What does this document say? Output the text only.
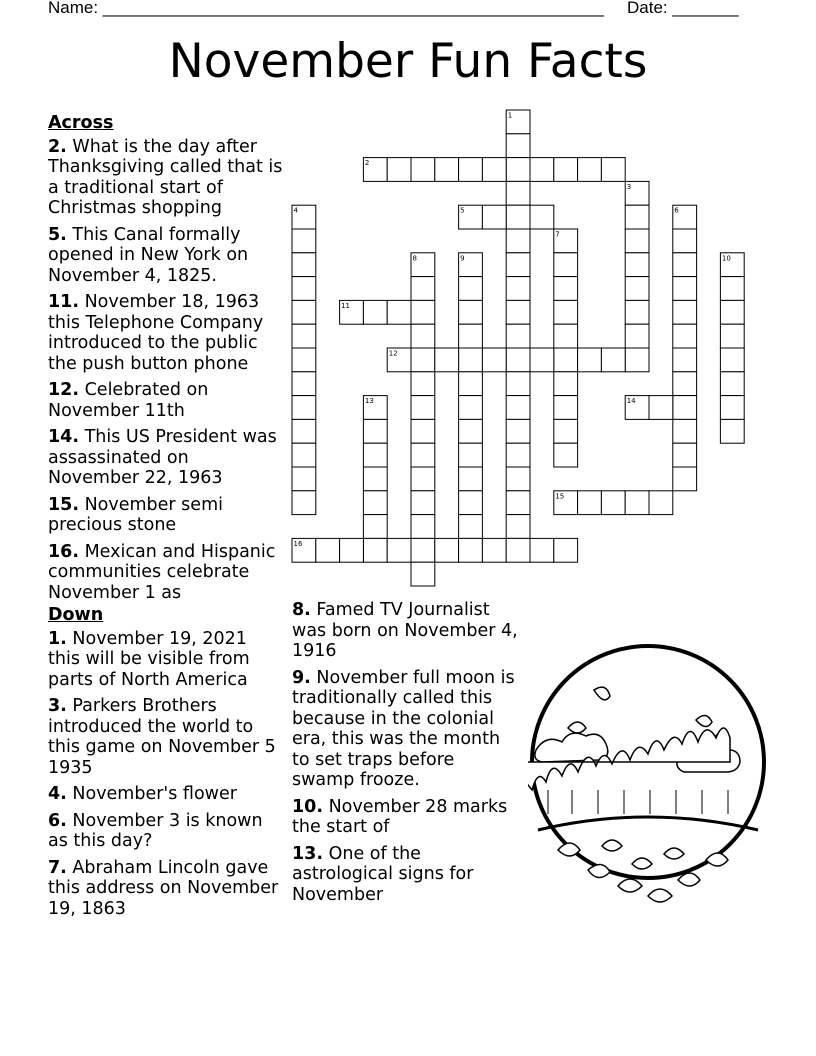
Name: _____________________________________________________ Date: _______
November Fun Facts
Across
2. What is the day after Thanksgiving called that is a traditional start of Christmas shopping
5. This Canal formally opened in New York on November 4, 1825.
11. November 18, 1963 this Telephone Company introduced to the public the push button phone
12. Celebrated on November 11th
14. This US President was assassinated on November 22, 1963
15. November semi precious stone
16. Mexican and Hispanic communities celebrate November 1 as
Down
1. November 19, 2021 this will be visible from parts of North America
3. Parkers Brothers introduced the world to this game on November 5 1935
4. November's flower
6. November 3 is known as this day?
7. Abraham Lincoln gave this address on November 19, 1863
8. Famed TV Journalist was born on November 4, 1916
9. November full moon is traditionally called this because in the colonial era, this was the month to set traps before swamp frooze.
10. November 28 marks the start of
13. One of the astrological signs for November
1
2
3
4	5	6
7
8	9	10
11
12
13	14
15
16
